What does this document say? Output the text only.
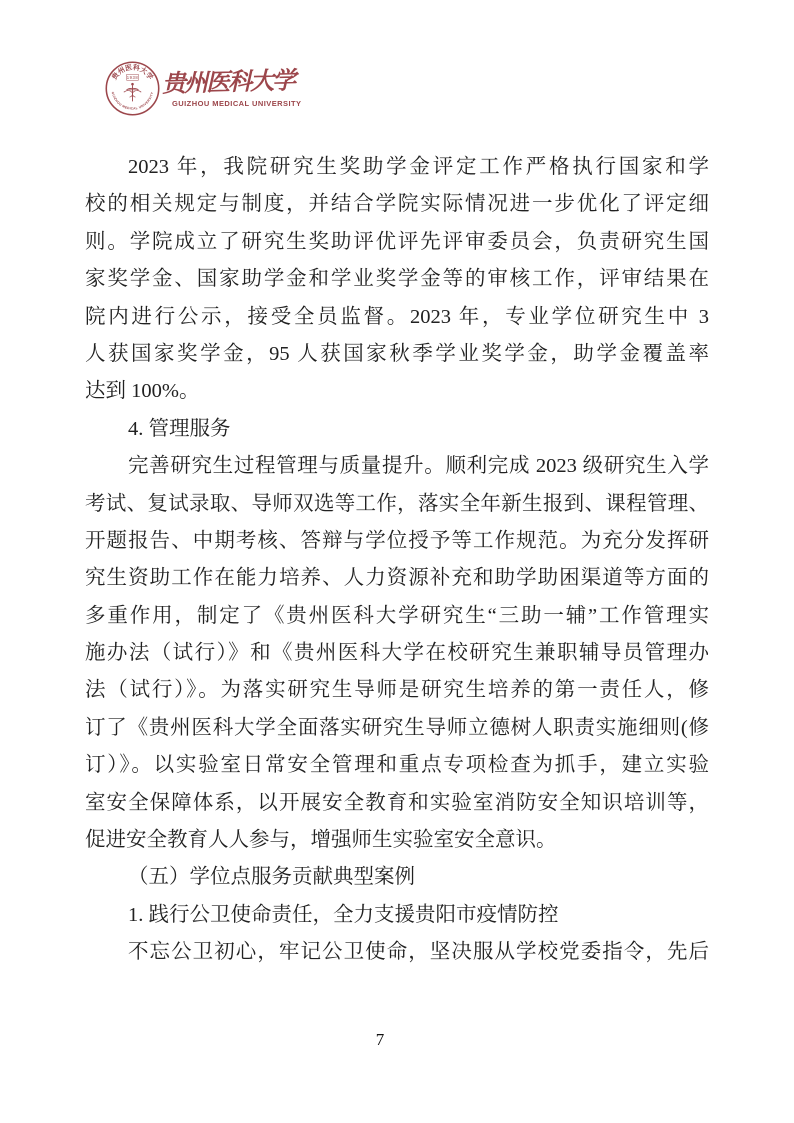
贵州医科大学
1938
GUIZHOU MEDICAL UNIVERSITY 贵州医科大学
GUIZHOU MEDICAL UNIVERSITY
2023 年，我院研究生奖助学金评定工作严格执行国家和学
校的相关规定与制度，并结合学院实际情况进一步优化了评定细
则。学院成立了研究生奖助评优评先评审委员会，负责研究生国
家奖学金、国家助学金和学业奖学金等的审核工作，评审结果在
院内进行公示，接受全员监督。2023 年，专业学位研究生中 3
人获国家奖学金，95 人获国家秋季学业奖学金，助学金覆盖率
达到 100%。
4. 管理服务
完善研究生过程管理与质量提升。顺利完成 2023 级研究生入学
考试、复试录取、导师双选等工作，落实全年新生报到、课程管理、
开题报告、中期考核、答辩与学位授予等工作规范。为充分发挥研
究生资助工作在能力培养、人力资源补充和助学助困渠道等方面的
多重作用，制定了《贵州医科大学研究生“三助一辅”工作管理实
施办法（试行）》和《贵州医科大学在校研究生兼职辅导员管理办
法（试行）》。为落实研究生导师是研究生培养的第一责任人，修
订了《贵州医科大学全面落实研究生导师立德树人职责实施细则(修
订）》。以实验室日常安全管理和重点专项检查为抓手，建立实验
室安全保障体系，以开展安全教育和实验室消防安全知识培训等，
促进安全教育人人参与，增强师生实验室安全意识。
（五）学位点服务贡献典型案例
1. 践行公卫使命责任，全力支援贵阳市疫情防控
不忘公卫初心，牢记公卫使命，坚决服从学校党委指令，先后
7
